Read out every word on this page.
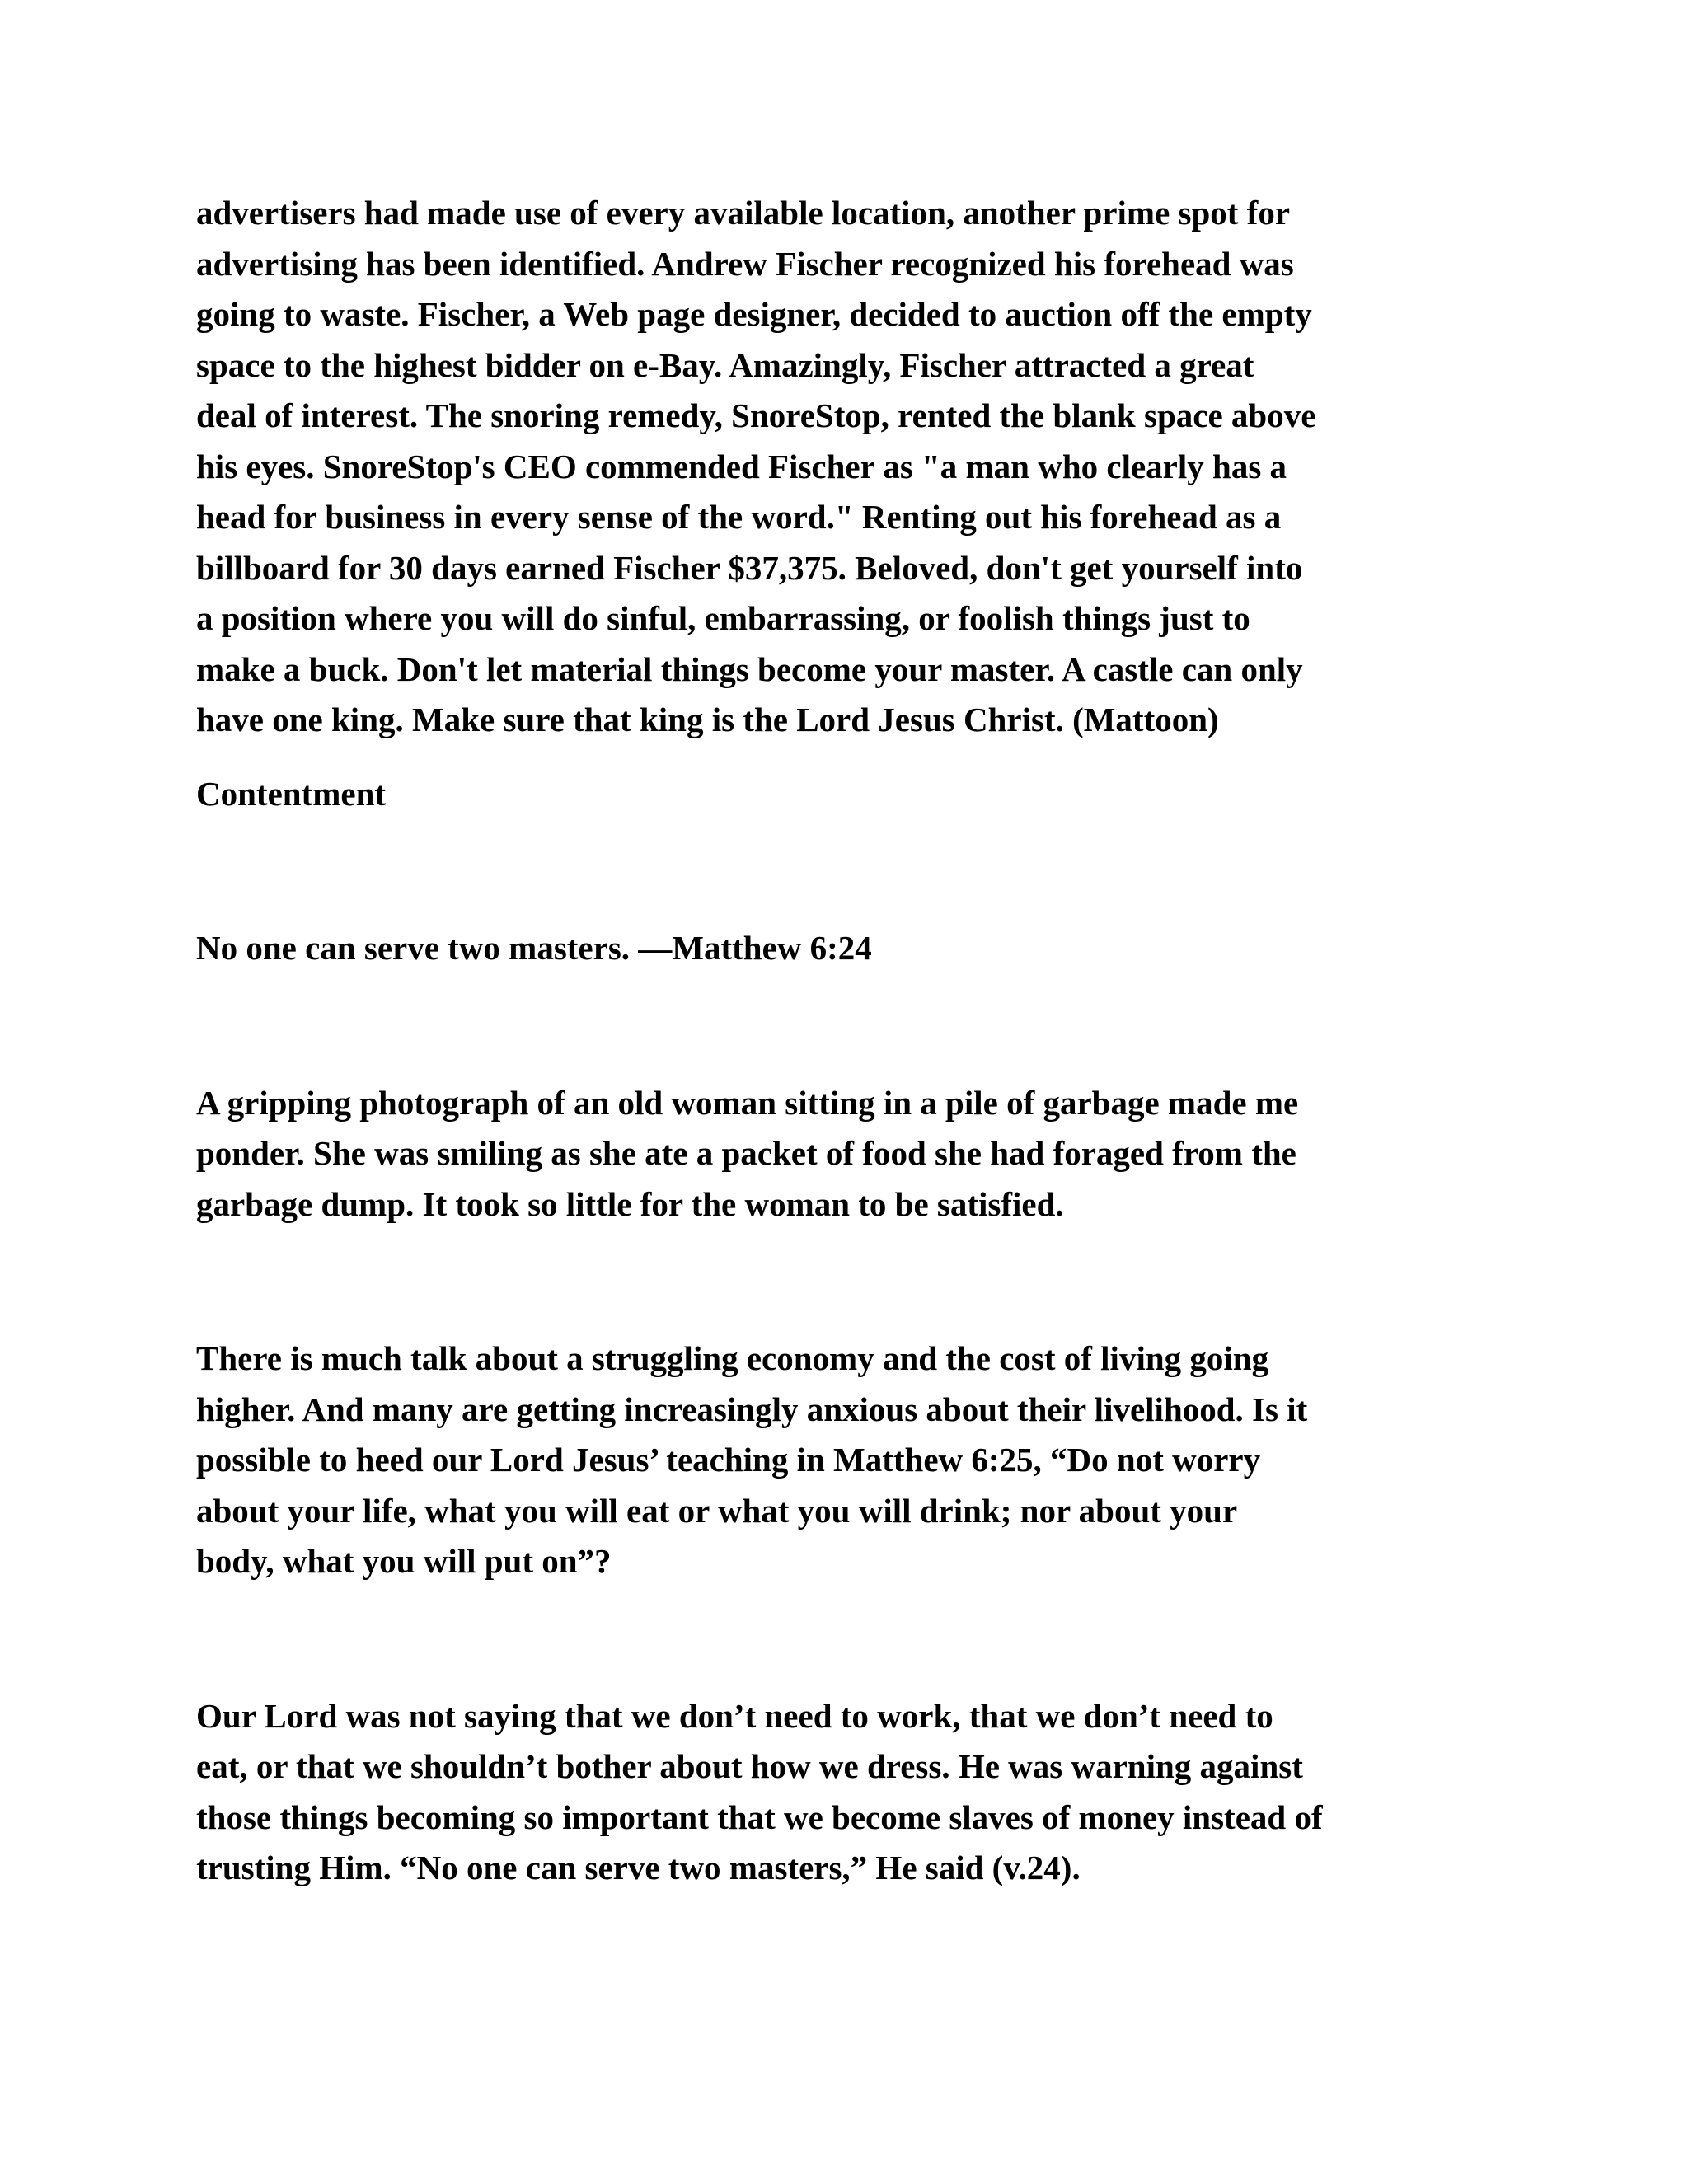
advertisers had made use of every available location, another prime spot for
advertising has been identified. Andrew Fischer recognized his forehead was
going to waste. Fischer, a Web page designer, decided to auction off the empty
space to the highest bidder on e-Bay. Amazingly, Fischer attracted a great
deal of interest. The snoring remedy, SnoreStop, rented the blank space above
his eyes. SnoreStop's CEO commended Fischer as "a man who clearly has a
head for business in every sense of the word." Renting out his forehead as a
billboard for 30 days earned Fischer $37,375. Beloved, don't get yourself into
a position where you will do sinful, embarrassing, or foolish things just to
make a buck. Don't let material things become your master. A castle can only
have one king. Make sure that king is the Lord Jesus Christ. (Mattoon)
Contentment
No one can serve two masters. —Matthew 6:24
A gripping photograph of an old woman sitting in a pile of garbage made me
ponder. She was smiling as she ate a packet of food she had foraged from the
garbage dump. It took so little for the woman to be satisfied.
There is much talk about a struggling economy and the cost of living going
higher. And many are getting increasingly anxious about their livelihood. Is it
possible to heed our Lord Jesus’ teaching in Matthew 6:25, “Do not worry
about your life, what you will eat or what you will drink; nor about your
body, what you will put on”?
Our Lord was not saying that we don’t need to work, that we don’t need to
eat, or that we shouldn’t bother about how we dress. He was warning against
those things becoming so important that we become slaves of money instead of
trusting Him. “No one can serve two masters,” He said (v.24).
